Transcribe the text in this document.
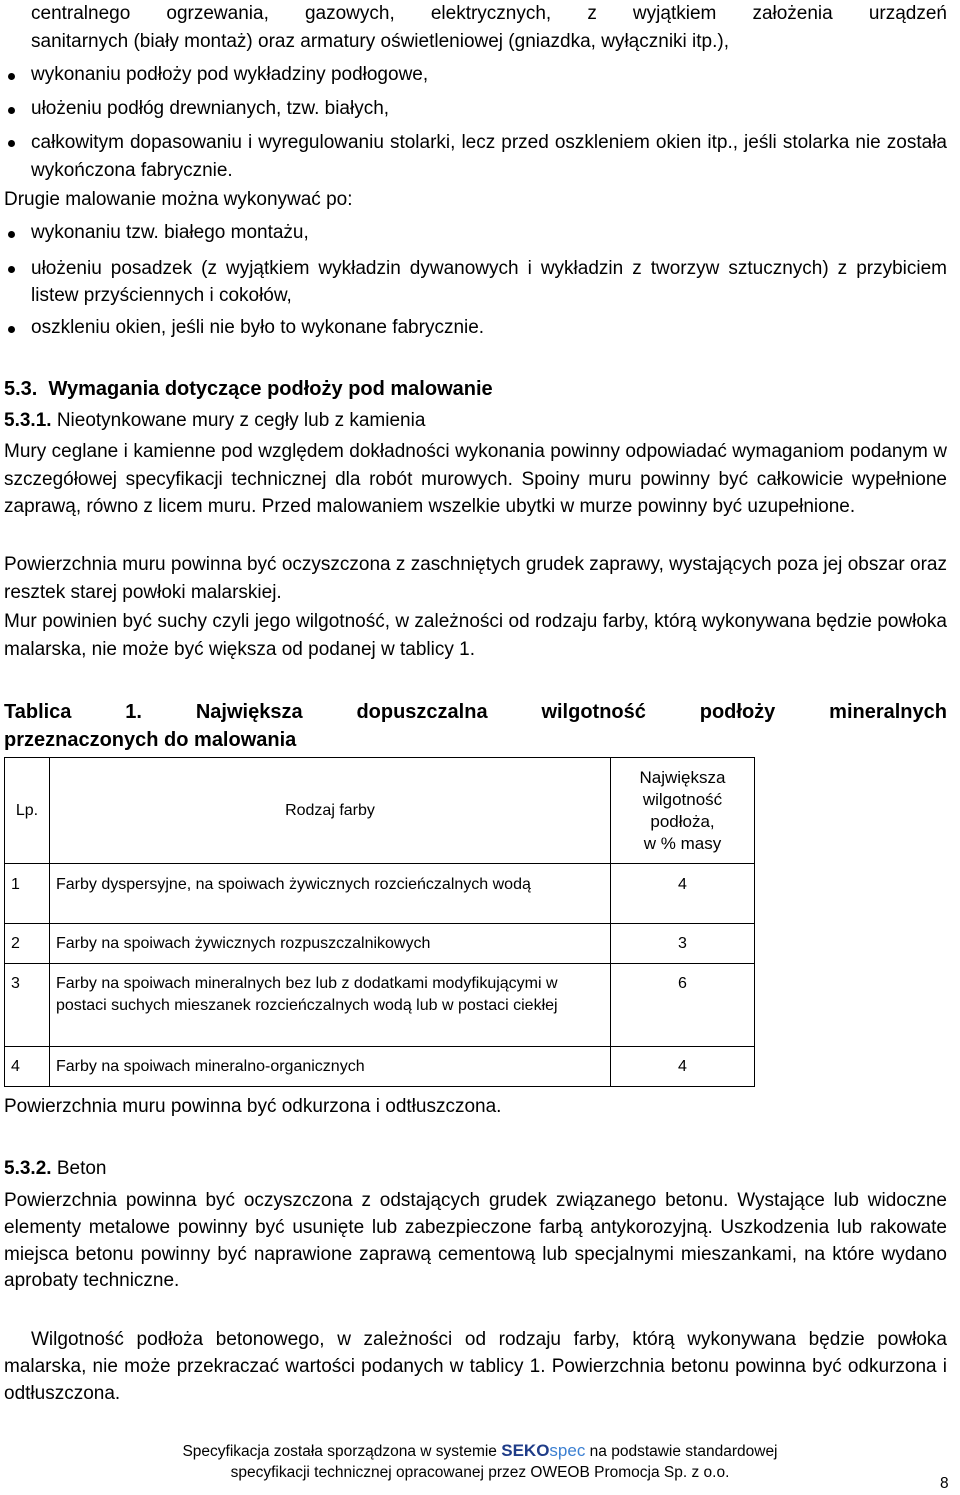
centralnego ogrzewania, gazowych, elektrycznych, z wyjątkiem założenia urządzeń
sanitarnych (biały montaż) oraz armatury oświetleniowej (gniazdka, wyłączniki itp.),
wykonaniu podłoży pod wykładziny podłogowe,
ułożeniu podłóg drewnianych, tzw. białych,
całkowitym dopasowaniu i wyregulowaniu stolarki, lecz przed oszkleniem okien itp., jeśli stolarka nie została wykończona fabrycznie.
Drugie malowanie można wykonywać po:
wykonaniu tzw. białego montażu,
ułożeniu posadzek (z wyjątkiem wykładzin dywanowych i wykładzin z tworzyw sztucznych) z przybiciem listew przyściennych i cokołów,
oszkleniu okien, jeśli nie było to wykonane fabrycznie.
5.3. Wymagania dotyczące podłoży pod malowanie
5.3.1. Nieotynkowane mury z cegły lub z kamienia
Mury ceglane i kamienne pod względem dokładności wykonania powinny odpowiadać wymaganiom podanym w szczegółowej specyfikacji technicznej dla robót murowych. Spoiny muru powinny być całkowicie wypełnione zaprawą, równo z licem muru. Przed malowaniem wszelkie ubytki w murze powinny być uzupełnione.
Powierzchnia muru powinna być oczyszczona z zaschniętych grudek zaprawy, wystających poza jej obszar oraz resztek starej powłoki malarskiej.
Mur powinien być suchy czyli jego wilgotność, w zależności od rodzaju farby, którą wykonywana będzie powłoka malarska, nie może być większa od podanej w tablicy 1.
Tablica	1.	Największa	dopuszczalna	wilgotność	podłoży	mineralnych
przeznaczonych do malowania
Lp.	Rodzaj farby	Największa
wilgotność
podłoża,
w % masy

1	Farby dyspersyjne, na spoiwach żywicznych rozcieńczalnych wodą	4
2	Farby na spoiwach żywicznych rozpuszczalnikowych	3
3	Farby na spoiwach mineralnych bez lub z dodatkami modyfikującymi w postaci suchych mieszanek rozcieńczalnych wodą lub w postaci ciekłej	6
4	Farby na spoiwach mineralno-organicznych	4
Powierzchnia muru powinna być odkurzona i odtłuszczona.
5.3.2. Beton
Powierzchnia powinna być oczyszczona z odstających grudek związanego betonu. Wystające lub widoczne elementy metalowe powinny być usunięte lub zabezpieczone farbą antykorozyjną. Uszkodzenia lub rakowate miejsca betonu powinny być naprawione zaprawą cementową lub specjalnymi mieszankami, na które wydano aprobaty techniczne.
Wilgotność podłoża betonowego, w zależności od rodzaju farby, którą wykonywana będzie powłoka malarska, nie może przekraczać wartości podanych w tablicy 1. Powierzchnia betonu powinna być odkurzona i odtłuszczona.
Specyfikacja została sporządzona w systemie SEKOspec na podstawie standardowej
specyfikacji technicznej opracowanej przez OWEOB Promocja Sp. z o.o.
8
